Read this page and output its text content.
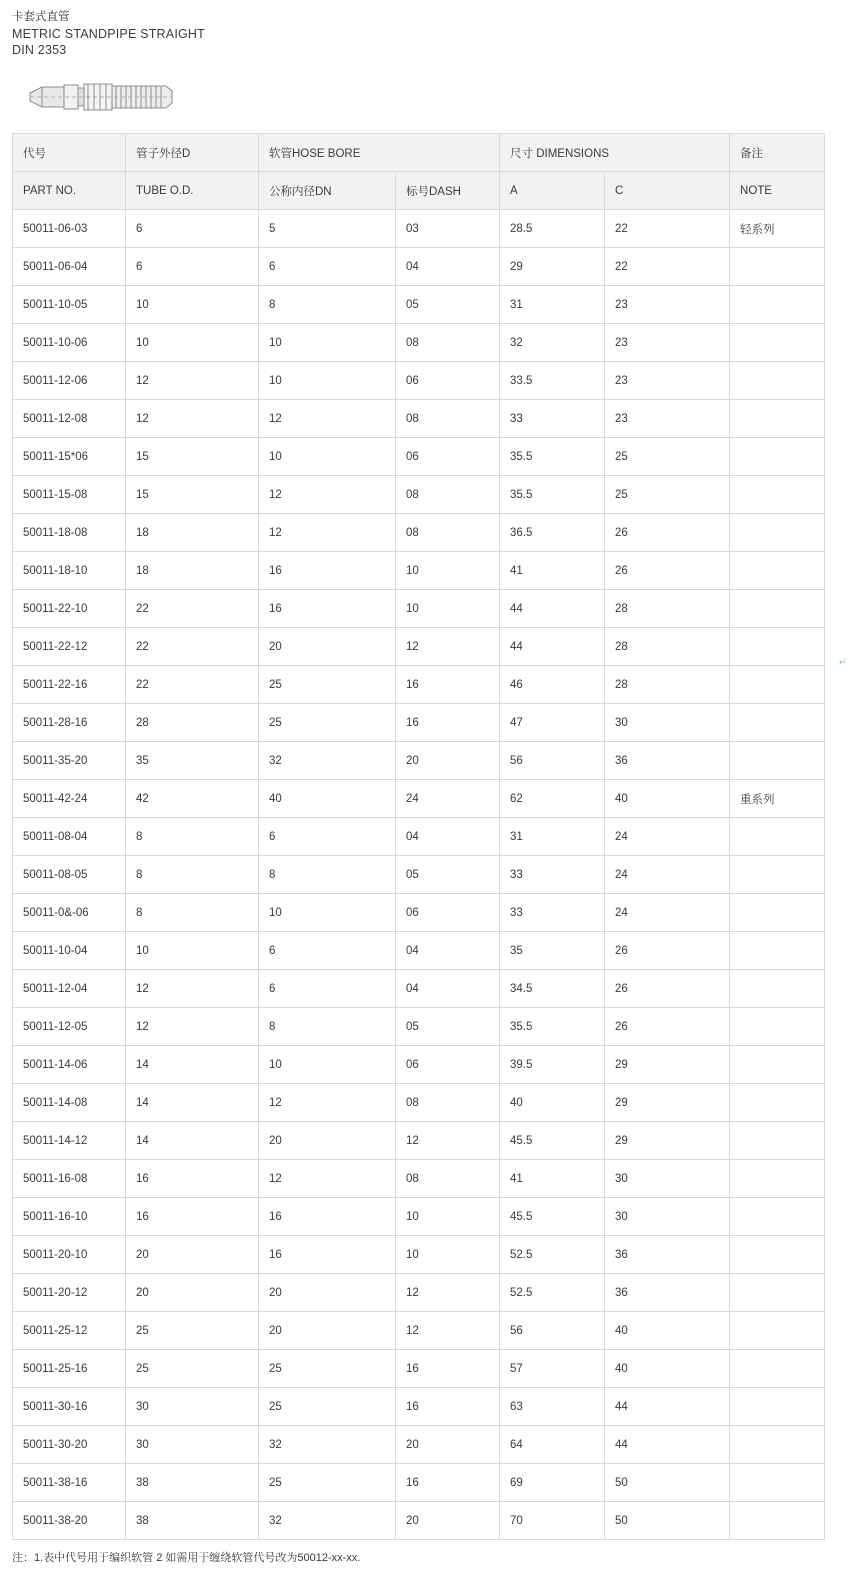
卡套式直管
METRIC STANDPIPE STRAIGHT
DIN 2353
代号	管子外径D	软管HOSE BORE		尺寸 DIMENSIONS		备注
PART NO.	TUBE O.D.	公称内径DN	标号DASH	A	C	NOTE
50011-06-03	6	5	03	28.5	22	轻系列
50011-06-04	6	6	04	29	22	
50011-10-05	10	8	05	31	23	
50011-10-06	10	10	08	32	23	
50011-12-06	12	10	06	33.5	23	
50011-12-08	12	12	08	33	23	
50011-15*06	15	10	06	35.5	25	
50011-15-08	15	12	08	35.5	25	
50011-18-08	18	12	08	36.5	26	
50011-18-10	18	16	10	41	26	
50011-22-10	22	16	10	44	28	
50011-22-12	22	20	12	44	28	
50011-22-16	22	25	16	46	28	
50011-28-16	28	25	16	47	30	
50011-35-20	35	32	20	56	36	
50011-42-24	42	40	24	62	40	重系列
50011-08-04	8	6	04	31	24	
50011-08-05	8	8	05	33	24	
50011-0&-06	8	10	06	33	24	
50011-10-04	10	6	04	35	26	
50011-12-04	12	6	04	34.5	26	
50011-12-05	12	8	05	35.5	26	
50011-14-06	14	10	06	39.5	29	
50011-14-08	14	12	08	40	29	
50011-14-12	14	20	12	45.5	29	
50011-16-08	16	12	08	41	30	
50011-16-10	16	16	10	45.5	30	
50011-20-10	20	16	10	52.5	36	
50011-20-12	20	20	12	52.5	36	
50011-25-12	25	20	12	56	40	
50011-25-16	25	25	16	57	40	
50011-30-16	30	25	16	63	44	
50011-30-20	30	32	20	64	44	
50011-38-16	38	25	16	69	50	
50011-38-20	38	32	20	70	50	
注：1.表中代号用于编织软管 2 如需用于缠绕软管代号改为50012-xx-xx.
↵
